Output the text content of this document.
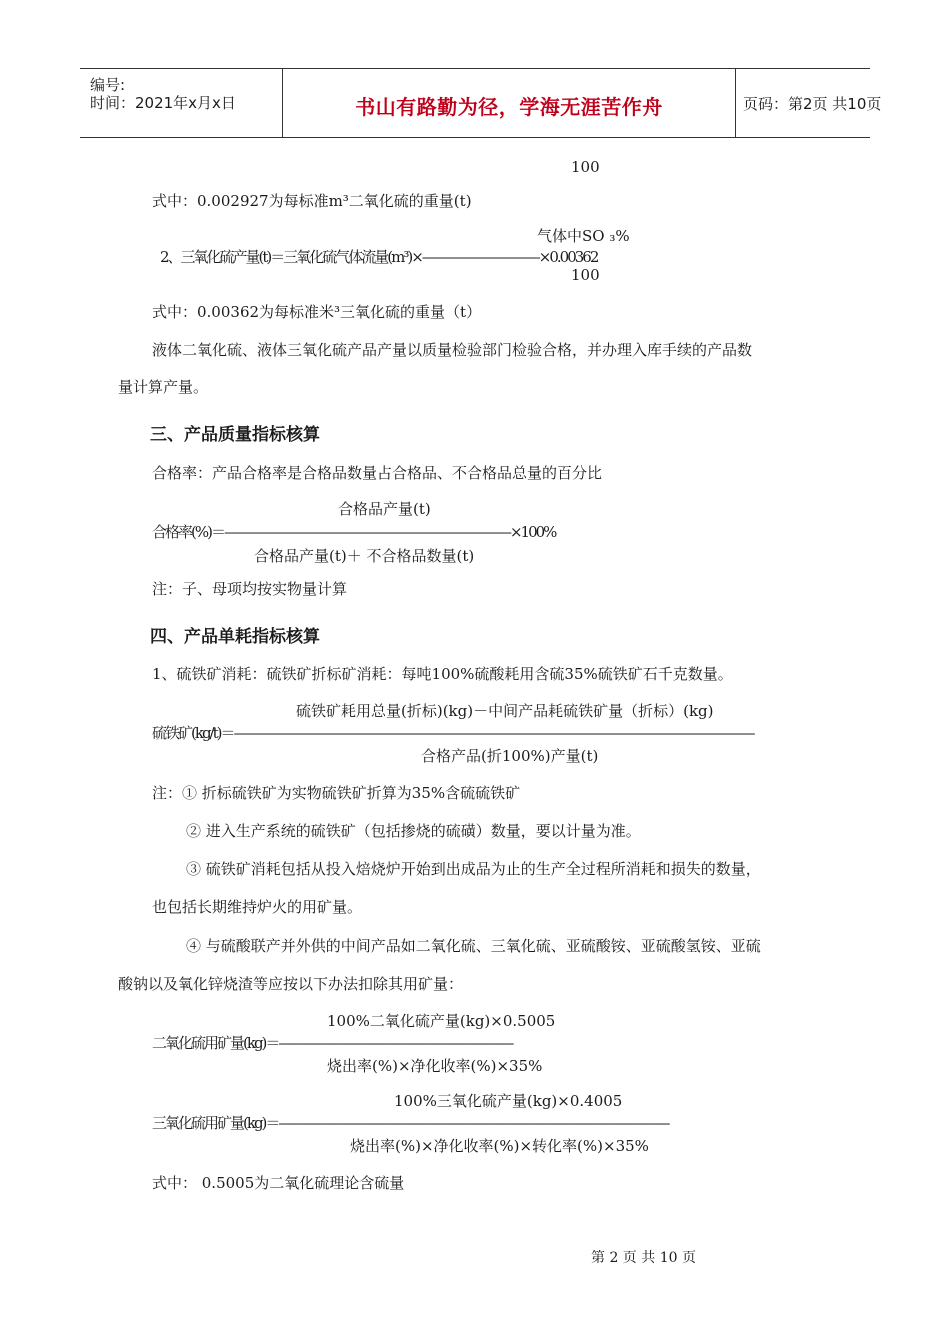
编号:
时间：2021年x月x日	书山有路勤为径，学海无涯苦作舟	页码：第2页 共10页
100
式中：0.002927为每标准m³二氧化硫的重量(t)
气体中SO ₃%
2、三氧化硫产量(t)＝三氧化硫气体流量(m³)×—————————×0.00362
100
式中：0.00362为每标准米³三氧化硫的重量（t）
液体二氧化硫、液体三氧化硫产品产量以质量检验部门检验合格，并办理入库手续的产品数
量计算产量。
三、产品质量指标核算
合格率：产品合格率是合格品数量占合格品、不合格品总量的百分比
合格品产量(t)
合格率(%)＝——————————————————————×100%
合格品产量(t)＋ 不合格品数量(t)
注：子、母项均按实物量计算
四、产品单耗指标核算
1、硫铁矿消耗：硫铁矿折标矿消耗：每吨100%硫酸耗用含硫35%硫铁矿石千克数量。
硫铁矿耗用总量(折标)(kg)－中间产品耗硫铁矿量（折标）(kg)
硫铁矿(kg/t)＝————————————————————————————————————————
合格产品(折100%)产量(t)
注：① 折标硫铁矿为实物硫铁矿折算为35%含硫硫铁矿
② 进入生产系统的硫铁矿（包括掺烧的硫磺）数量，要以计量为准。
③ 硫铁矿消耗包括从投入焙烧炉开始到出成品为止的生产全过程所消耗和损失的数量，
也包括长期维持炉火的用矿量。
④ 与硫酸联产并外供的中间产品如二氧化硫、三氧化硫、亚硫酸铵、亚硫酸氢铵、亚硫
酸钠以及氧化锌烧渣等应按以下办法扣除其用矿量：
100%二氧化硫产量(kg)×0.5005
二氧化硫用矿量(kg)＝——————————————————
烧出率(%)×净化收率(%)×35%
100%三氧化硫产量(kg)×0.4005
三氧化硫用矿量(kg)＝——————————————————————————————
烧出率(%)×净化收率(%)×转化率(%)×35%
式中： 0.5005为二氧化硫理论含硫量
第 2 页 共 10 页
